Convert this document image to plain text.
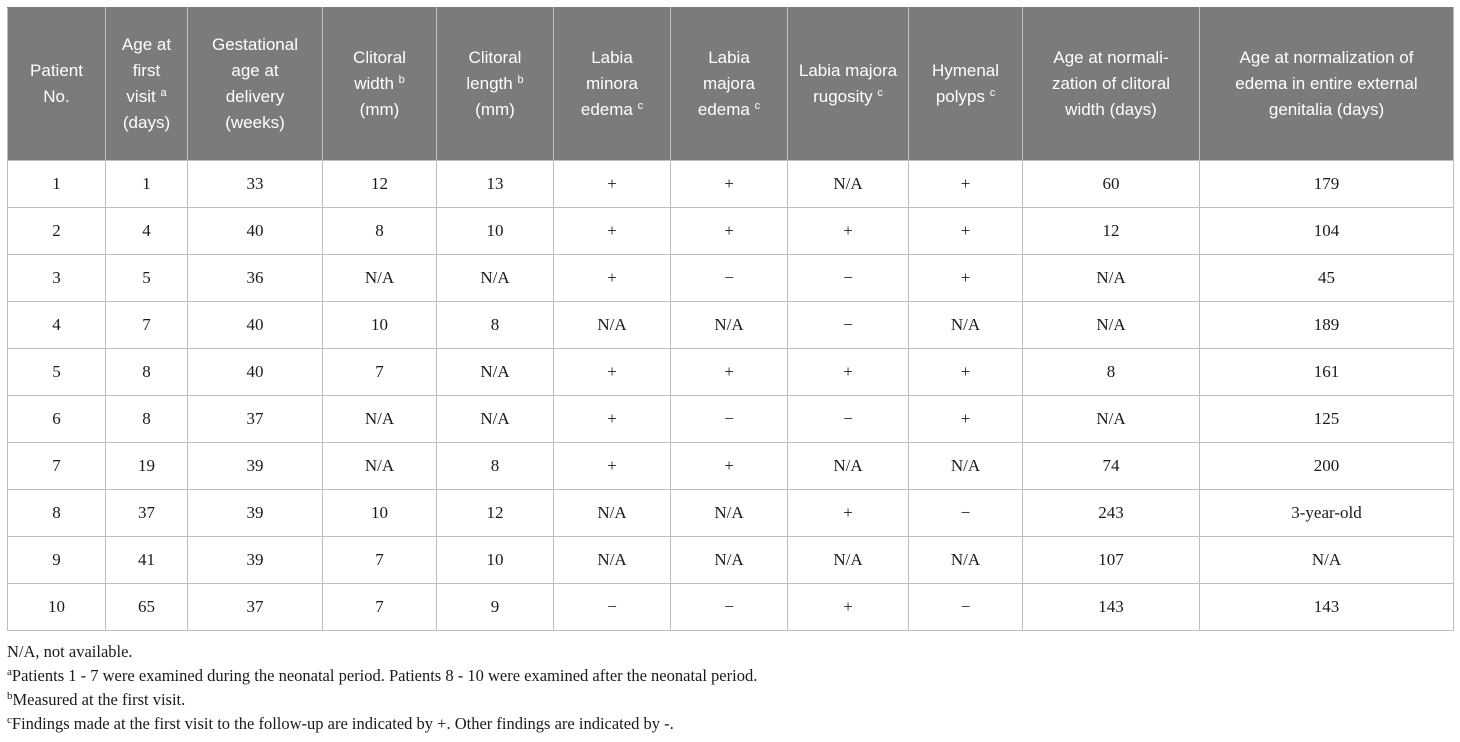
Patient No.	Age at first visit $^a$ (days)	Gestational age at delivery (weeks)	Clitoral width $^b$ (mm)	Clitoral length $^b$ (mm)	Labia minora edema $^c$	Labia majora edema $^c$	Labia majora rugosity $^c$	Hymenal polyps $^c$	Age at normali-zation of clitoral width (days)	Age at normalization of edema in entire external genitalia (days)

1	1	33	12	13	+	+	N/A	+	60	179
2	4	40	8	10	+	+	+	+	12	104
3	5	36	N/A	N/A	+	−	−	+	N/A	45
4	7	40	10	8	N/A	N/A	−	N/A	N/A	189
5	8	40	7	N/A	+	+	+	+	8	161
6	8	37	N/A	N/A	+	−	−	+	N/A	125
7	19	39	N/A	8	+	+	N/A	N/A	74	200
8	37	39	10	12	N/A	N/A	+	−	243	3-year-old
9	41	39	7	10	N/A	N/A	N/A	N/A	107	N/A
10	65	37	7	9	−	−	+	−	143	143
N/A, not available.
$^a$Patients 1 - 7 were examined during the neonatal period. Patients 8 - 10 were examined after the neonatal period.
$^b$Measured at the first visit.
$^c$Findings made at the first visit to the follow-up are indicated by +. Other findings are indicated by -.
